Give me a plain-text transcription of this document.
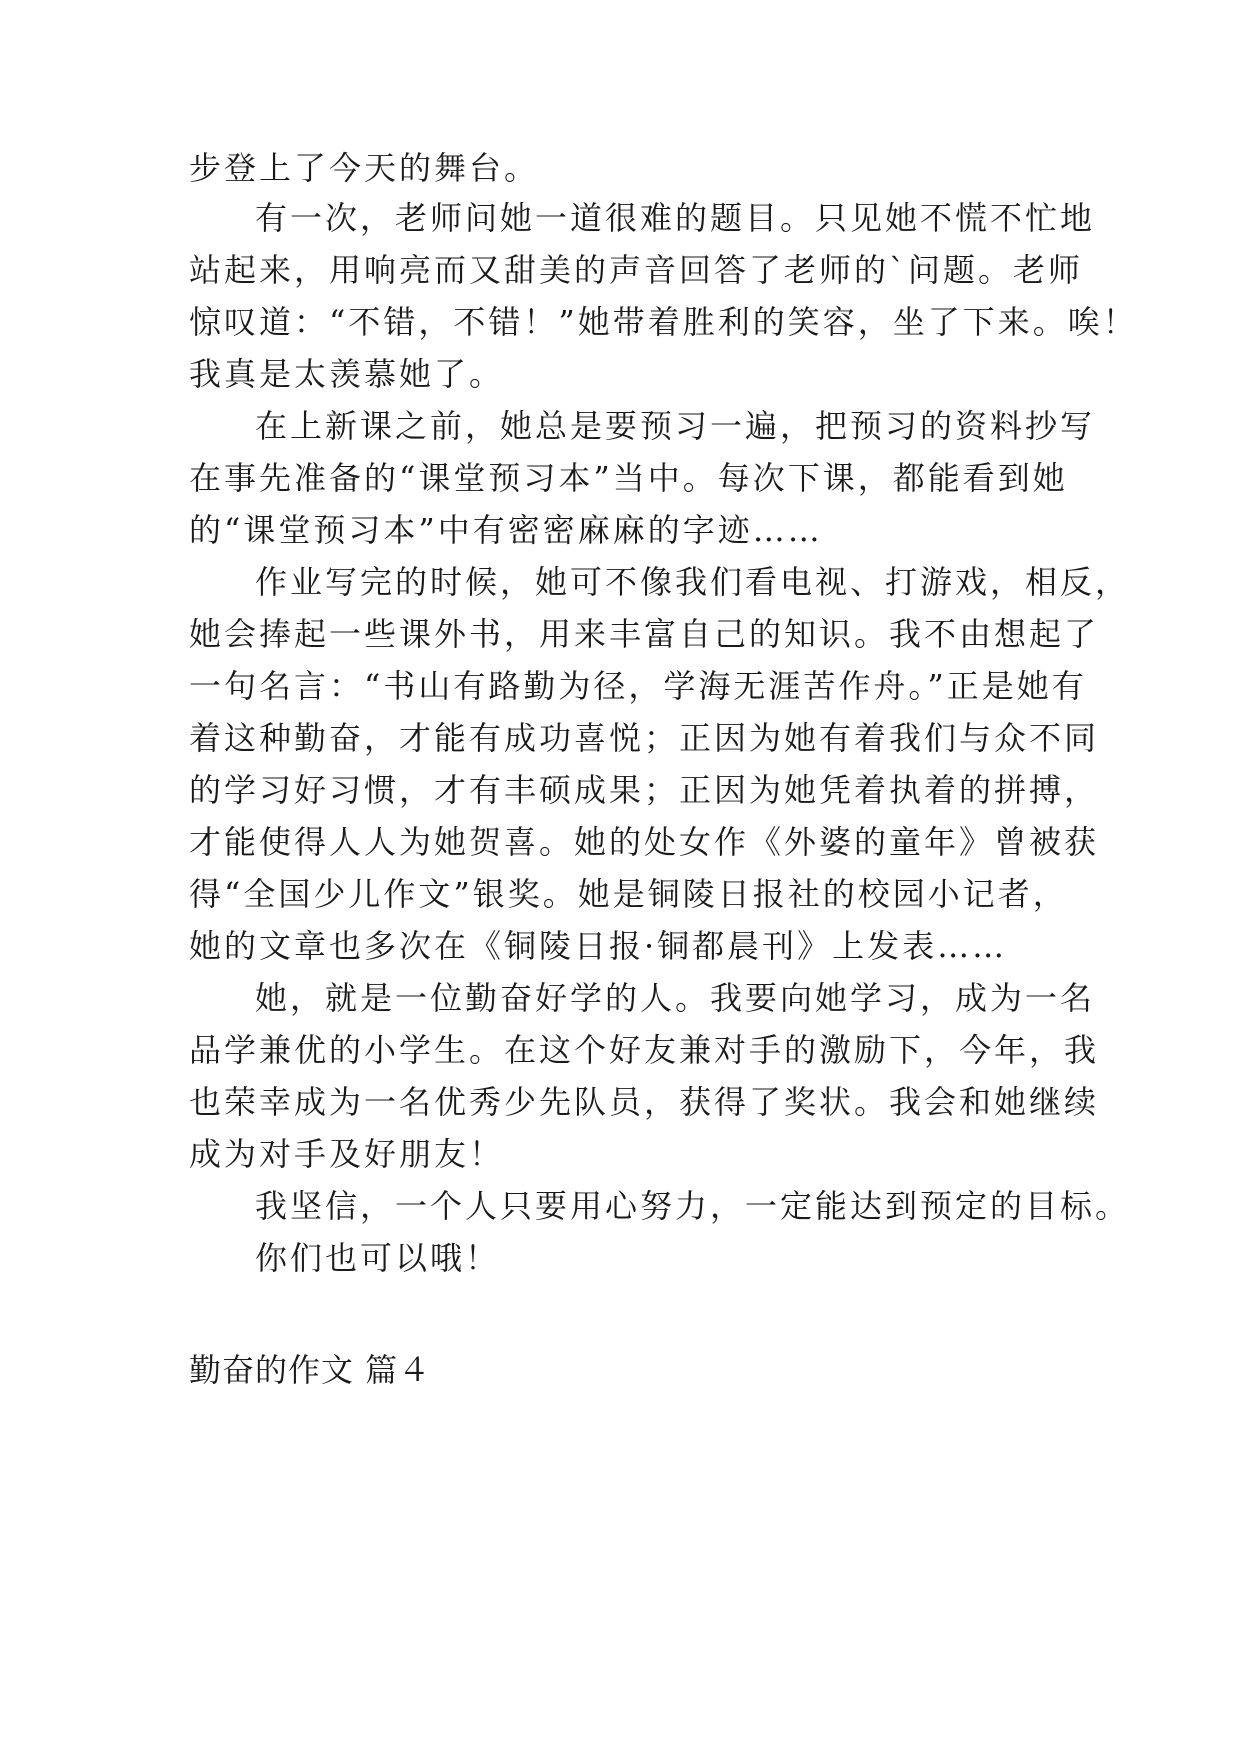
步登上了今天的舞台。
有一次，老师问她一道很难的题目。只见她不慌不忙地
站起来，用响亮而又甜美的声音回答了老师的`问题。老师
惊叹道：“不错，不错！”她带着胜利的笑容，坐了下来。唉！
我真是太羡慕她了。
在上新课之前，她总是要预习一遍，把预习的资料抄写
在事先准备的“课堂预习本”当中。每次下课，都能看到她
的“课堂预习本”中有密密麻麻的字迹……
作业写完的时候，她可不像我们看电视、打游戏，相反，
她会捧起一些课外书，用来丰富自己的知识。我不由想起了
一句名言：“书山有路勤为径，学海无涯苦作舟。”正是她有
着这种勤奋，才能有成功喜悦；正因为她有着我们与众不同
的学习好习惯，才有丰硕成果；正因为她凭着执着的拼搏，
才能使得人人为她贺喜。她的处女作《外婆的童年》曾被获
得“全国少儿作文”银奖。她是铜陵日报社的校园小记者，
她的文章也多次在《铜陵日报·铜都晨刊》上发表……
她，就是一位勤奋好学的人。我要向她学习，成为一名
品学兼优的小学生。在这个好友兼对手的激励下，今年，我
也荣幸成为一名优秀少先队员，获得了奖状。我会和她继续
成为对手及好朋友！
我坚信，一个人只要用心努力，一定能达到预定的目标。
你们也可以哦！
勤奋的作文 篇４
